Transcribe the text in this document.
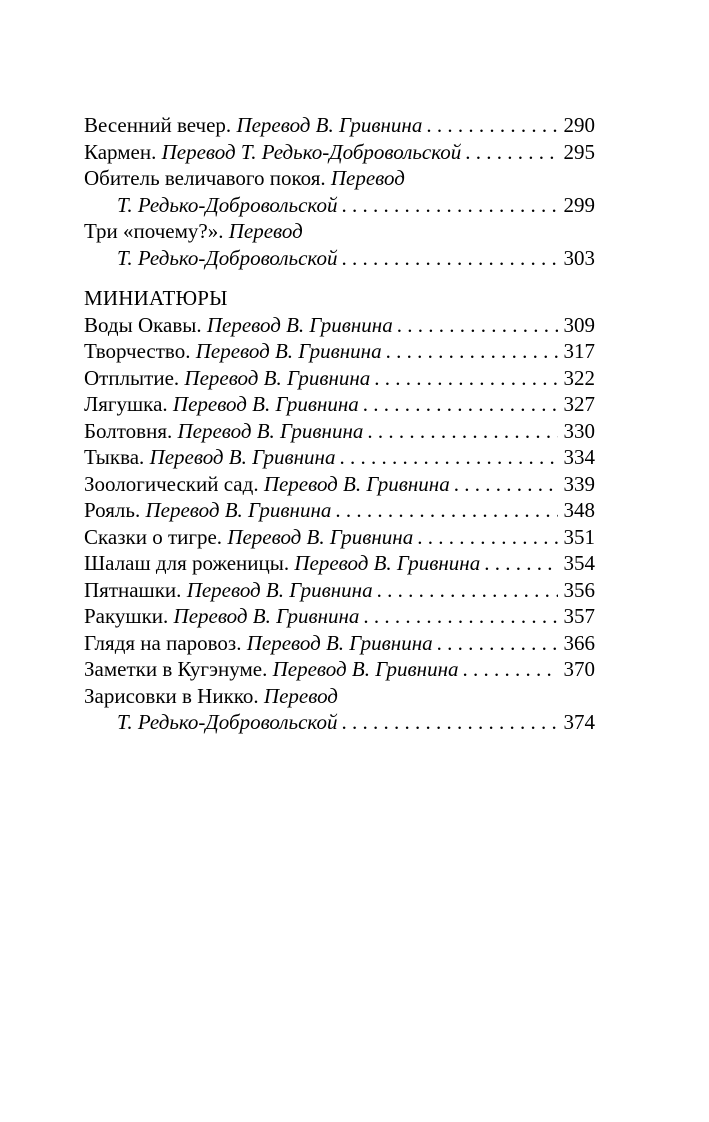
Весенний вечер. Перевод В. Гривнина . . .	290
Кармен. Перевод Т. Редько-Добровольской . . .	295
Обитель величавого покоя. Перевод
Т. Редько-Добровольской . . .	299
Три «почему?». Перевод
Т. Редько-Добровольской . . .	303
МИНИАТЮРЫ
Воды Окавы. Перевод В. Гривнина . . .	309
Творчество. Перевод В. Гривнина . . .	317
Отплытие. Перевод В. Гривнина . . .	322
Лягушка. Перевод В. Гривнина . . .	327
Болтовня. Перевод В. Гривнина . . .	330
Тыква. Перевод В. Гривнина . . .	334
Зоологический сад. Перевод В. Гривнина . . .	339
Рояль. Перевод В. Гривнина . . .	348
Сказки о тигре. Перевод В. Гривнина . . .	351
Шалаш для роженицы. Перевод В. Гривнина . . .	354
Пятнашки. Перевод В. Гривнина . . .	356
Ракушки. Перевод В. Гривнина . . .	357
Глядя на паровоз. Перевод В. Гривнина . . .	366
Заметки в Кугэнуме. Перевод В. Гривнина . . .	370
Зарисовки в Никко. Перевод
Т. Редько-Добровольской . . .	374
